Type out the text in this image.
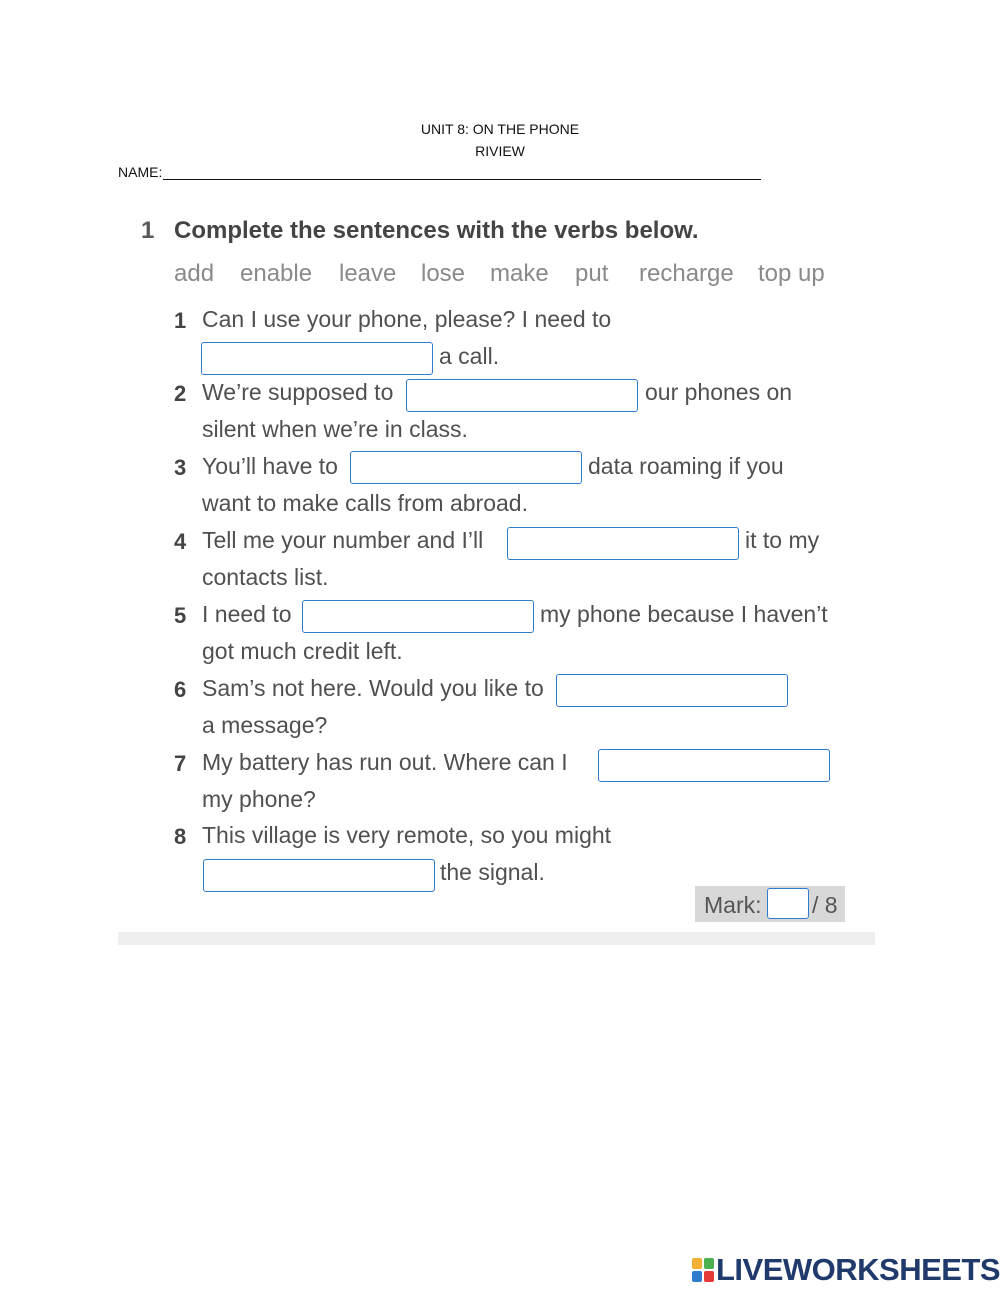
UNIT 8: ON THE PHONE
RIVIEW
NAME:
1 Complete the sentences with the verbs below.
add enable leave lose make put recharge top up
1 Can I use your phone, please? I need to
a call.
2 We’re supposed to	our phones on
silent when we’re in class.
3 You’ll have to	data roaming if you
want to make calls from abroad.
4 Tell me your number and I’ll	it to my
contacts list.
5 I need to	my phone because I haven’t
got much credit left.
6 Sam’s not here. Would you like to
a message?
7 My battery has run out. Where can I
my phone?
8 This village is very remote, so you might
the signal.
Mark: / 8
LIVEWORKSHEETS
